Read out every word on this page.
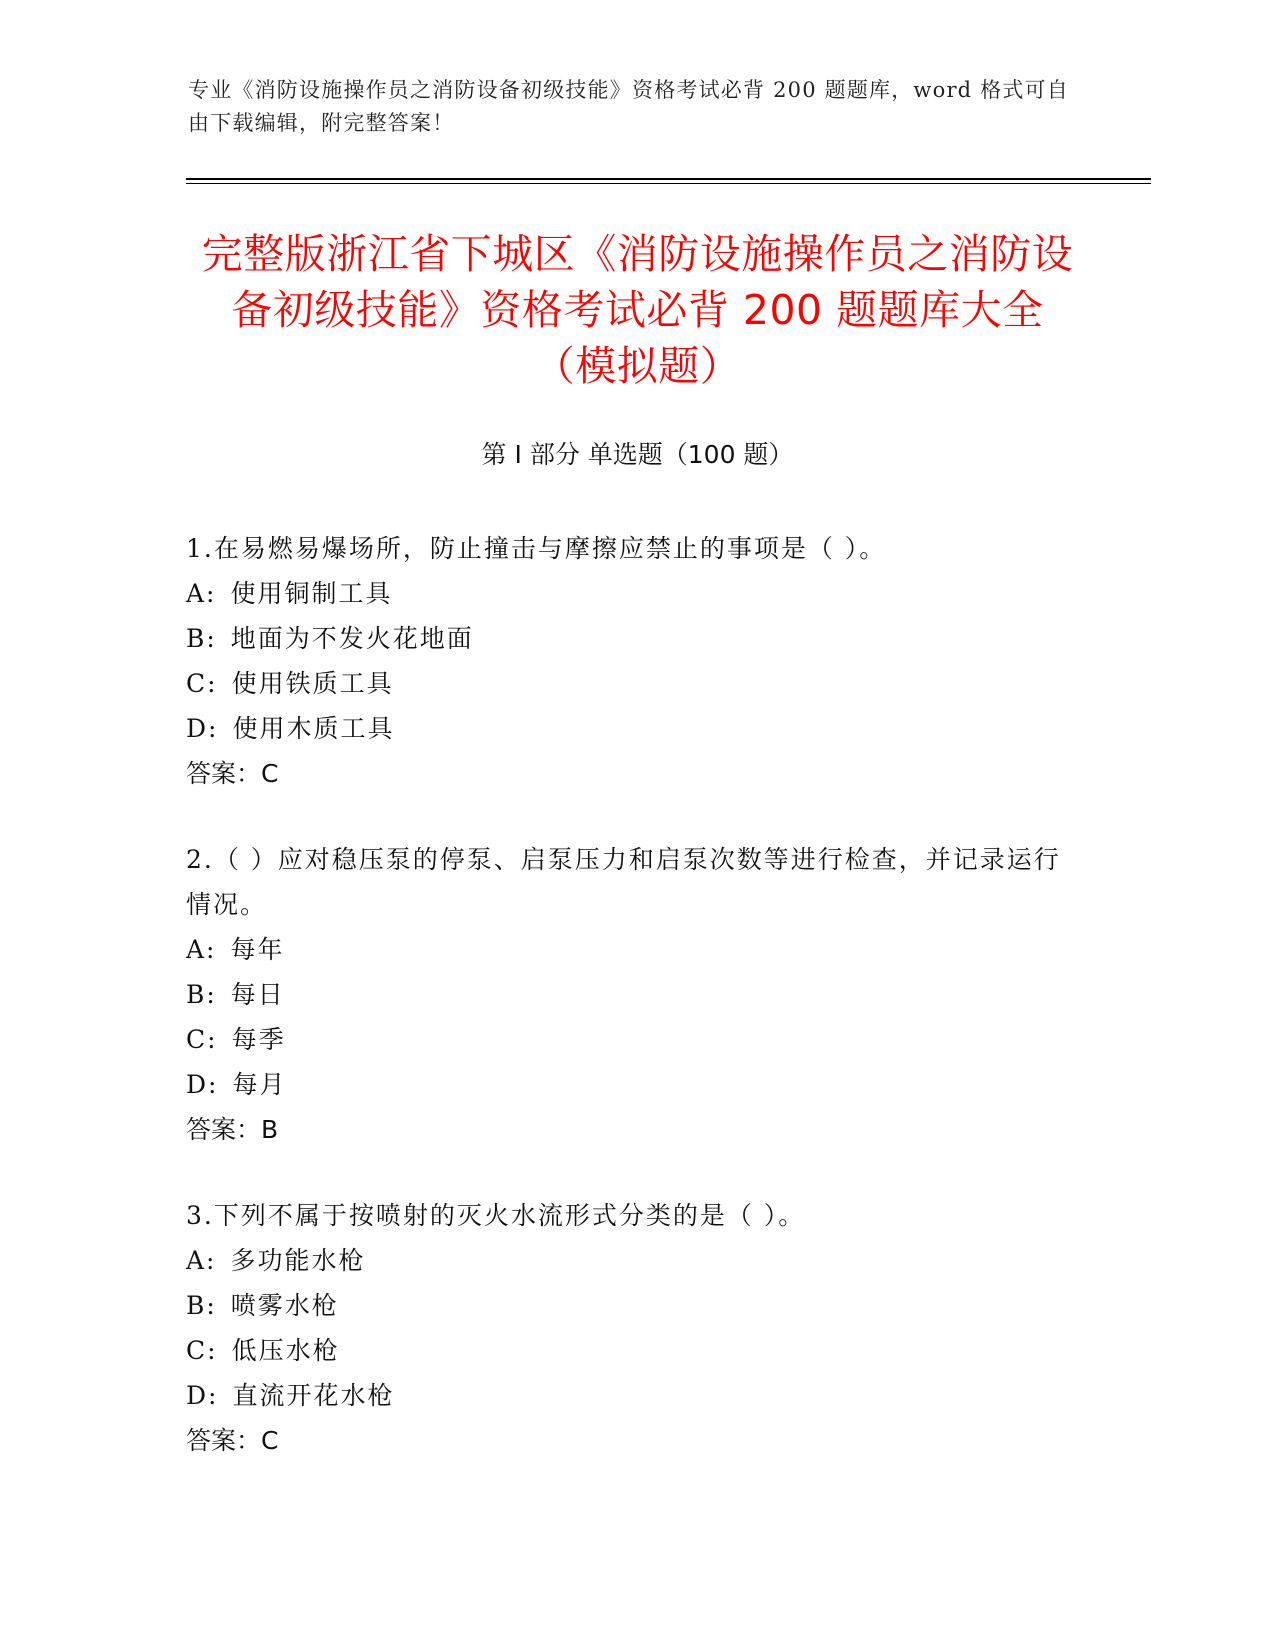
专业《消防设施操作员之消防设备初级技能》资格考试必背 200 题题库，word 格式可自由下载编辑，附完整答案！
完整版浙江省下城区《消防设施操作员之消防设备初级技能》资格考试必背 200 题题库大全（模拟题）
第 I 部分 单选题（100 题）
1.在易燃易爆场所，防止撞击与摩擦应禁止的事项是（ ）。
A: 使用铜制工具
B: 地面为不发火花地面
C: 使用铁质工具
D: 使用木质工具
答案：C
2.（ ）应对稳压泵的停泵、启泵压力和启泵次数等进行检查，并记录运行情况。
A: 每年
B: 每日
C: 每季
D: 每月
答案：B
3.下列不属于按喷射的灭火水流形式分类的是（ ）。
A: 多功能水枪
B: 喷雾水枪
C: 低压水枪
D: 直流开花水枪
答案：C
